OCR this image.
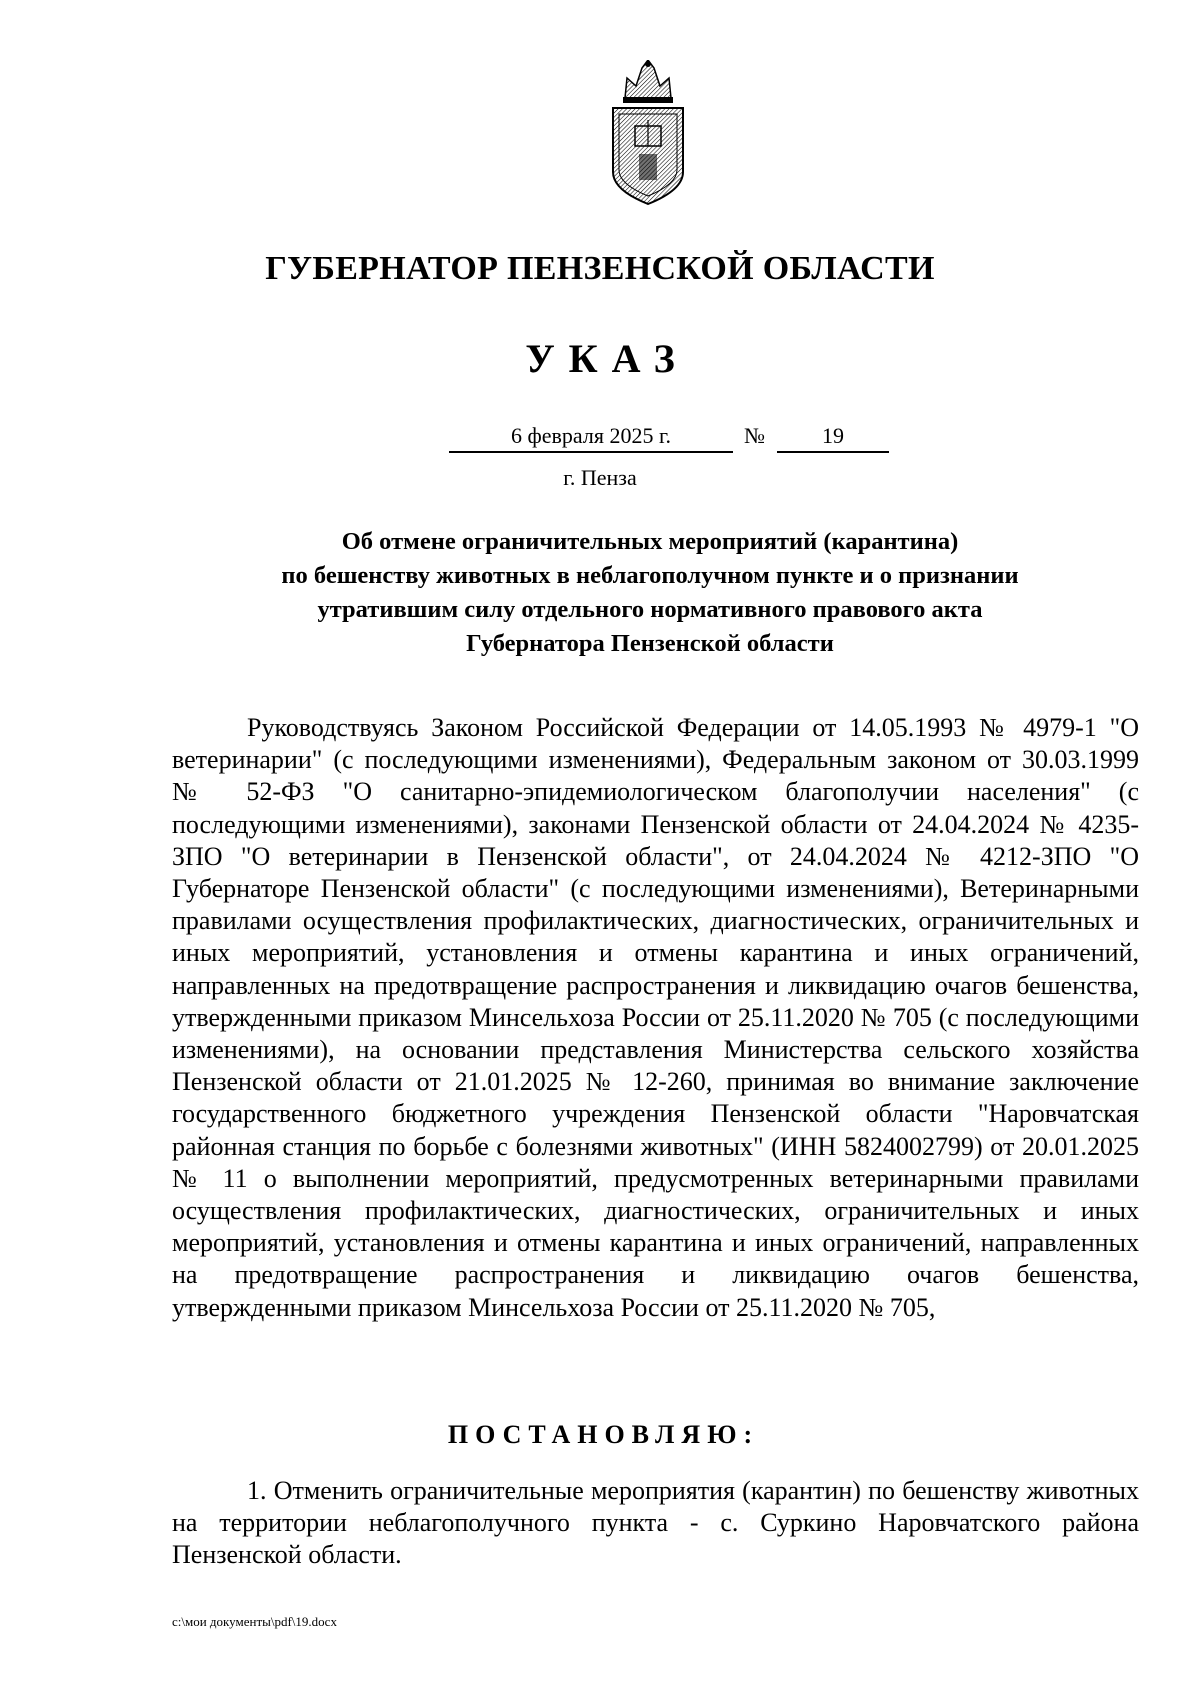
ГУБЕРНАТОР ПЕНЗЕНСКОЙ ОБЛАСТИ
УКАЗ
6 февраля 2025 г.	№	19
г. Пенза
Об отмене ограничительных мероприятий (карантина)
по бешенству животных в неблагополучном пункте и о признании
утратившим силу отдельного нормативного правового акта
Губернатора Пензенской области
Руководствуясь Законом Российской Федерации от 14.05.1993 № 4979-1 "О ветеринарии" (с последующими изменениями), Федеральным законом от 30.03.1999 № 52-ФЗ "О санитарно-эпидемиологическом благополучии населения" (с последующими изменениями), законами Пензенской области от 24.04.2024 № 4235-ЗПО "О ветеринарии в Пензенской области", от 24.04.2024 № 4212-ЗПО "О Губернаторе Пензенской области" (с последующими изменениями), Ветеринарными правилами осуществления профилактических, диагностических, ограничительных и иных мероприятий, установления и отмены карантина и иных ограничений, направленных на предотвращение распространения и ликвидацию очагов бешенства, утвержденными приказом Минсельхоза России от 25.11.2020 № 705 (с последующими изменениями), на основании представления Министерства сельского хозяйства Пензенской области от 21.01.2025 № 12-260, принимая во внимание заключение государственного бюджетного учреждения Пензенской области "Наровчатская районная станция по борьбе с болезнями животных" (ИНН 5824002799) от 20.01.2025 № 11 о выполнении мероприятий, предусмотренных ветеринарными правилами осуществления профилактических, диагностических, ограничительных и иных мероприятий, установления и отмены карантина и иных ограничений, направленных на предотвращение распространения и ликвидацию очагов бешенства, утвержденными приказом Минсельхоза России от 25.11.2020 № 705,
ПОСТАНОВЛЯЮ:
1. Отменить ограничительные мероприятия (карантин) по бешенству животных на территории неблагополучного пункта - с. Суркино Наровчатского района Пензенской области.
c:\мои документы\pdf\19.docx
